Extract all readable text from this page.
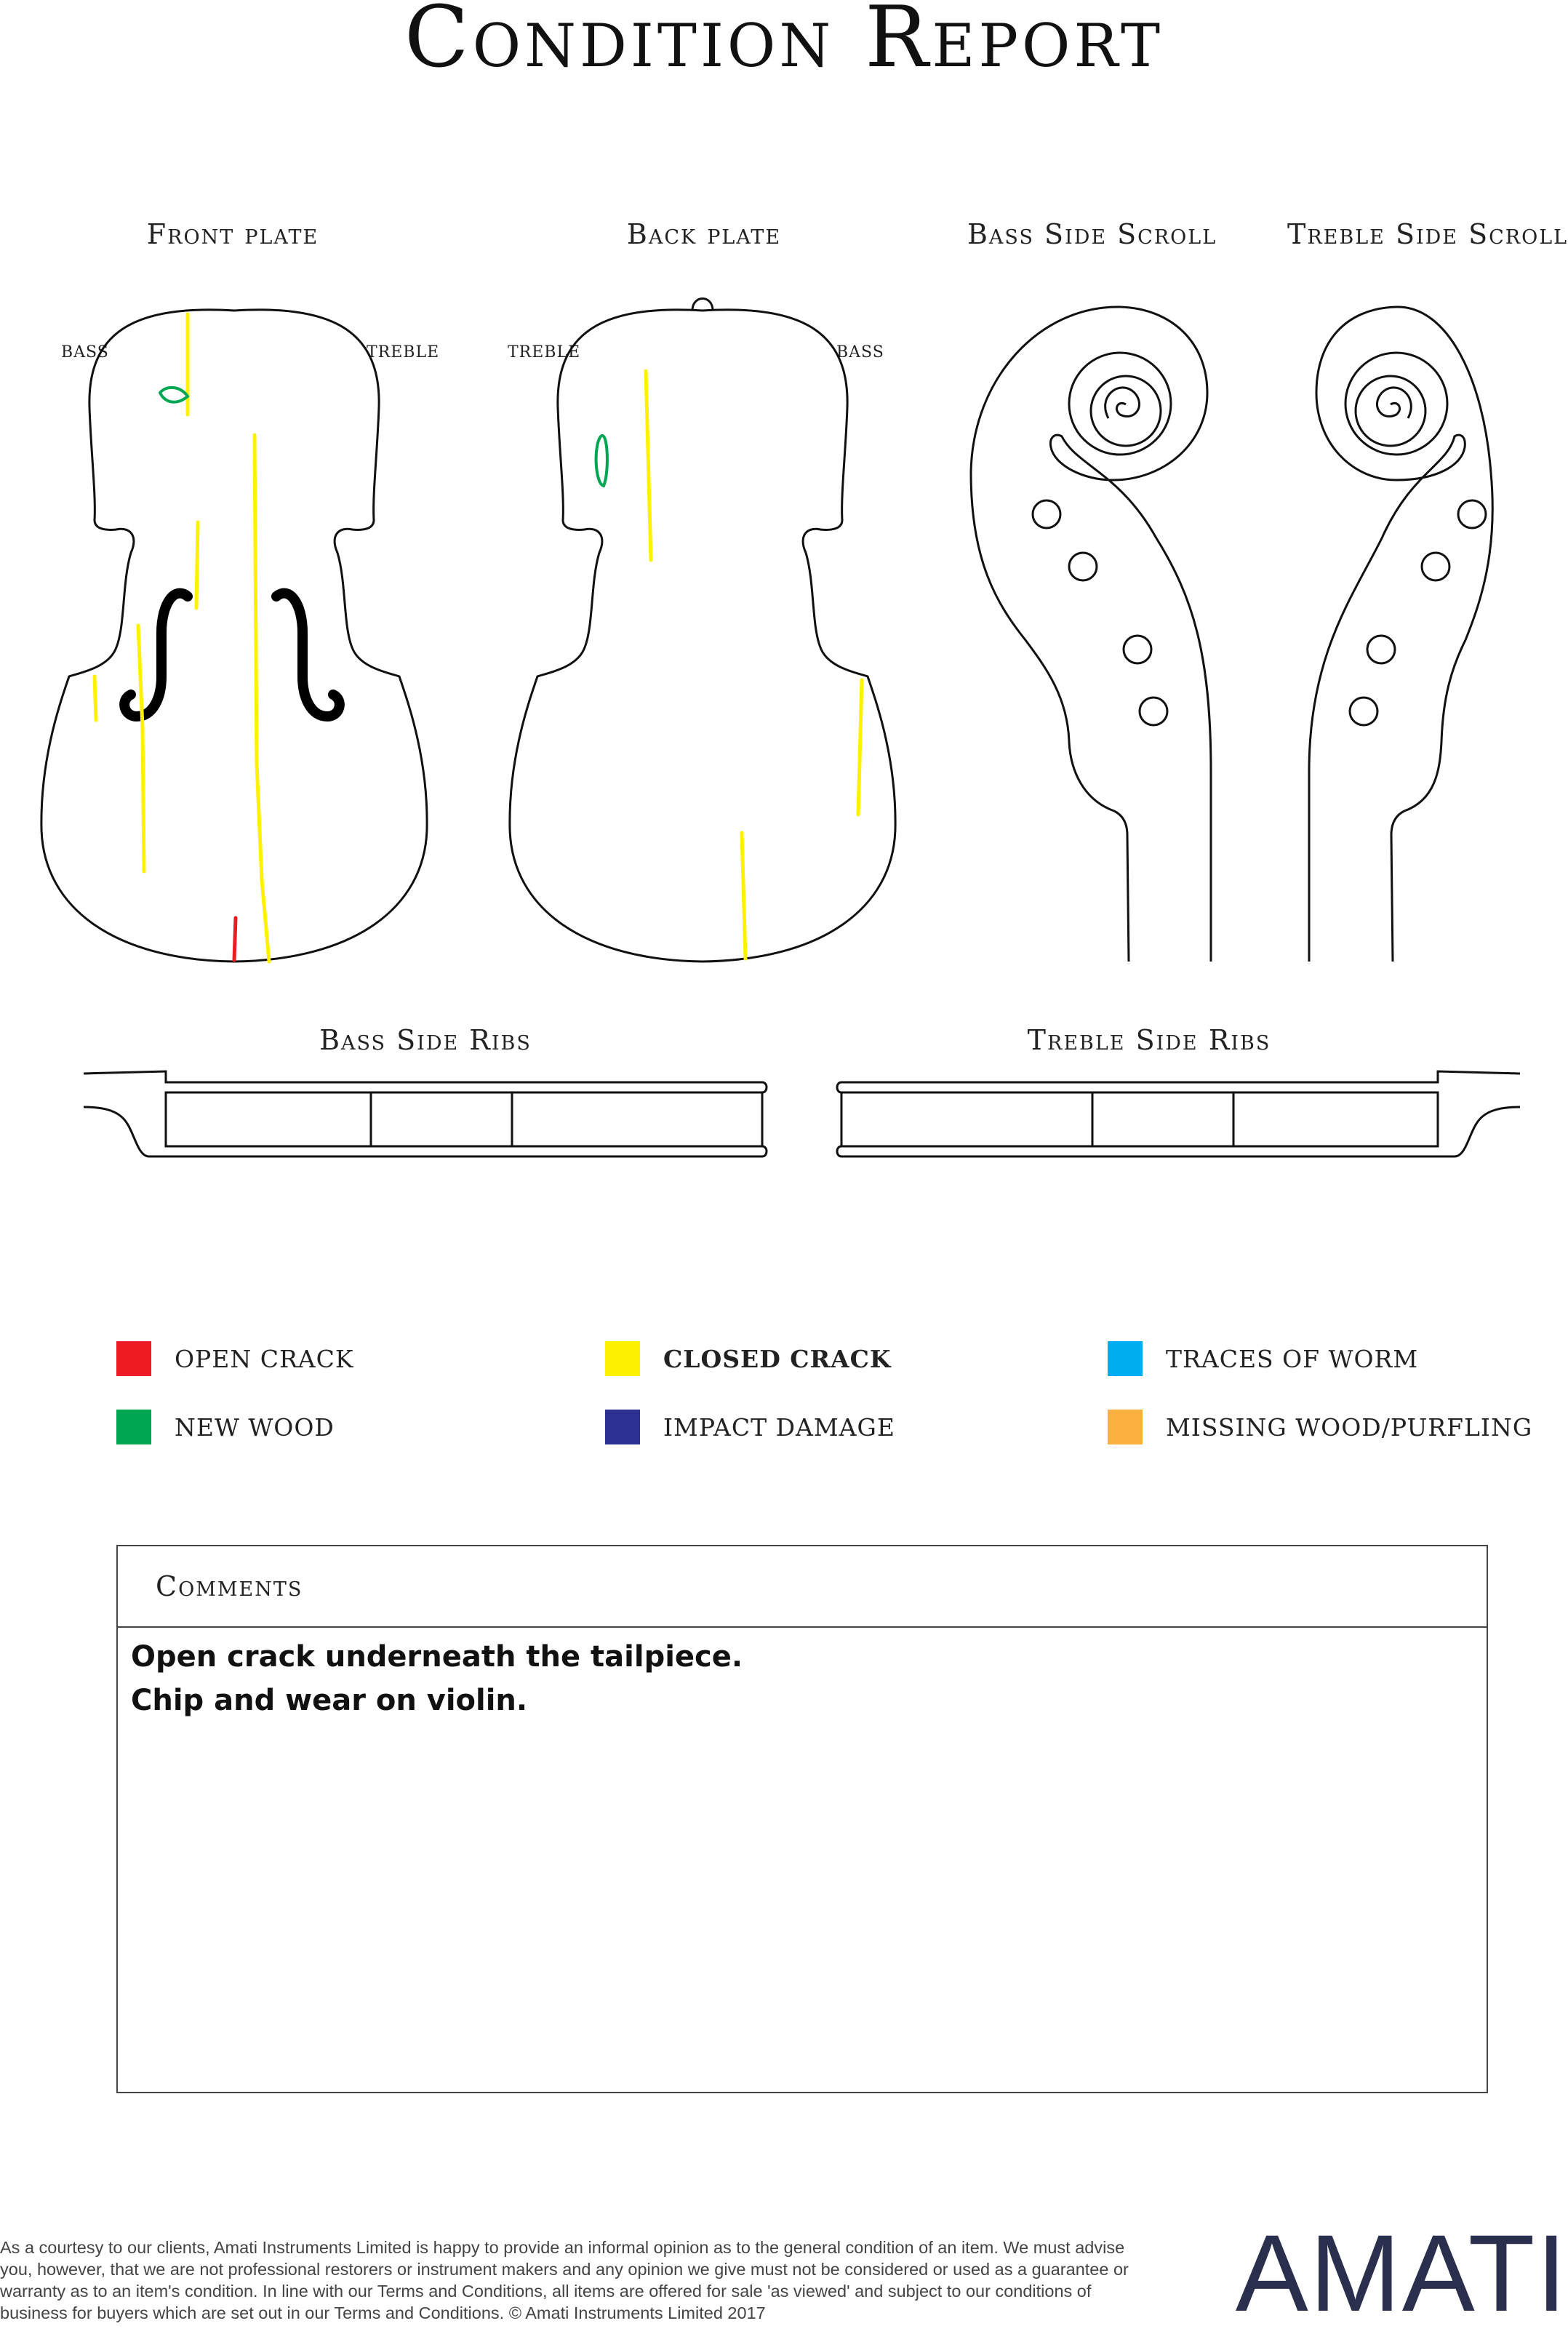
Condition Report
Front plate	Back plate	Bass Side Scroll	Treble Side Scroll
Bass Side Ribs	Treble Side Ribs
BASS	TREBLE	TREBLE	BASS
OPEN CRACK	CLOSED CRACK	TRACES OF WORM
NEW WOOD	IMPACT DAMAGE	MISSING WOOD/PURFLING
Comments
Open crack underneath the tailpiece.
Chip and wear on violin.
As a courtesy to our clients, Amati Instruments Limited is happy to provide an informal opinion as to the general condition of an item. We must advise you, however, that we are not professional restorers or instrument makers and any opinion we give must not be considered or used as a guarantee or warranty as to an item's condition. In line with our Terms and Conditions, all items are offered for sale 'as viewed' and subject to our conditions of business for buyers which are set out in our Terms and Conditions. © Amati Instruments Limited 2017	AMATI
